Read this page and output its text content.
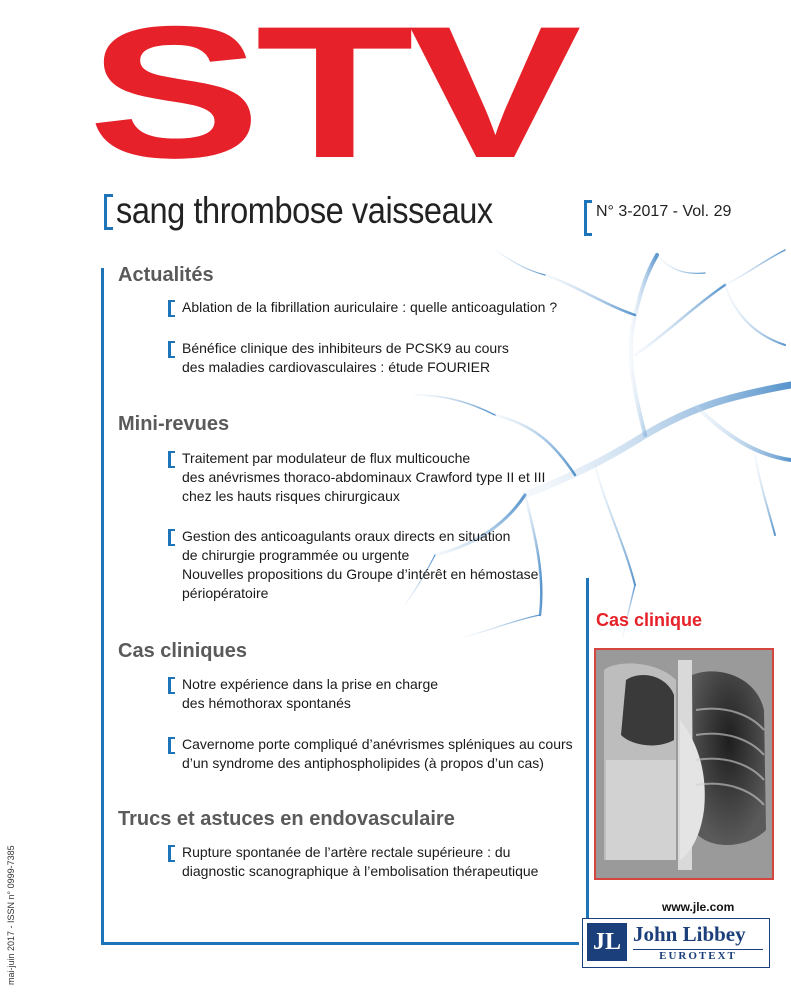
STV
sang thrombose vaisseaux	N° 3-2017 - Vol. 29
Actualités
Ablation de la fibrillation auriculaire : quelle anticoagulation ?
Bénéfice clinique des inhibiteurs de PCSK9 au cours
des maladies cardiovasculaires : étude FOURIER
Mini-revues
Traitement par modulateur de flux multicouche
des anévrismes thoraco-abdominaux Crawford type II et III
chez les hauts risques chirurgicaux
Gestion des anticoagulants oraux directs en situation
de chirurgie programmée ou urgente
Nouvelles propositions du Groupe d’intérêt en hémostase
périopératoire
Cas cliniques
Notre expérience dans la prise en charge
des hémothorax spontanés
Cavernome porte compliqué d’anévrismes spléniques au cours
d’un syndrome des antiphospholipides (à propos d’un cas)
Trucs et astuces en endovasculaire
Rupture spontanée de l’artère rectale supérieure : du
diagnostic scanographique à l’embolisation thérapeutique
Cas clinique
www.jle.com
JL John Libbey
EUROTEXT
mai-juin 2017 - ISSN n° 0999-7385
